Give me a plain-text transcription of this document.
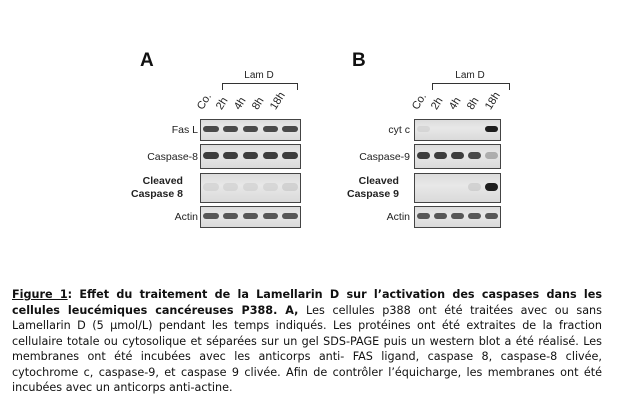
A
Lam D
Co. 2h 4h 8h 18h
Fas L
Caspase-8
Cleaved
Caspase 8
Actin
B
Lam D
Co. 2h 4h 8h 18h
cyt c
Caspase-9
Cleaved
Caspase 9
Actin
Figure 1: Effet du traitement de la Lamellarin D sur l’activation des caspases dans les cellules leucémiques cancéreuses P388. A, Les cellules p388 ont été traitées avec ou sans Lamellarin D (5 µmol/L) pendant les temps indiqués. Les protéines ont été extraites de la fraction cellulaire totale ou cytosolique et séparées sur un gel SDS-PAGE puis un western blot a été réalisé. Les membranes ont été incubées avec les anticorps anti- FAS ligand, caspase 8, caspase-8 clivée, cytochrome c, caspase-9, et caspase 9 clivée. Afin de contrôler l’équicharge, les membranes ont été incubées avec un anticorps anti-actine.
